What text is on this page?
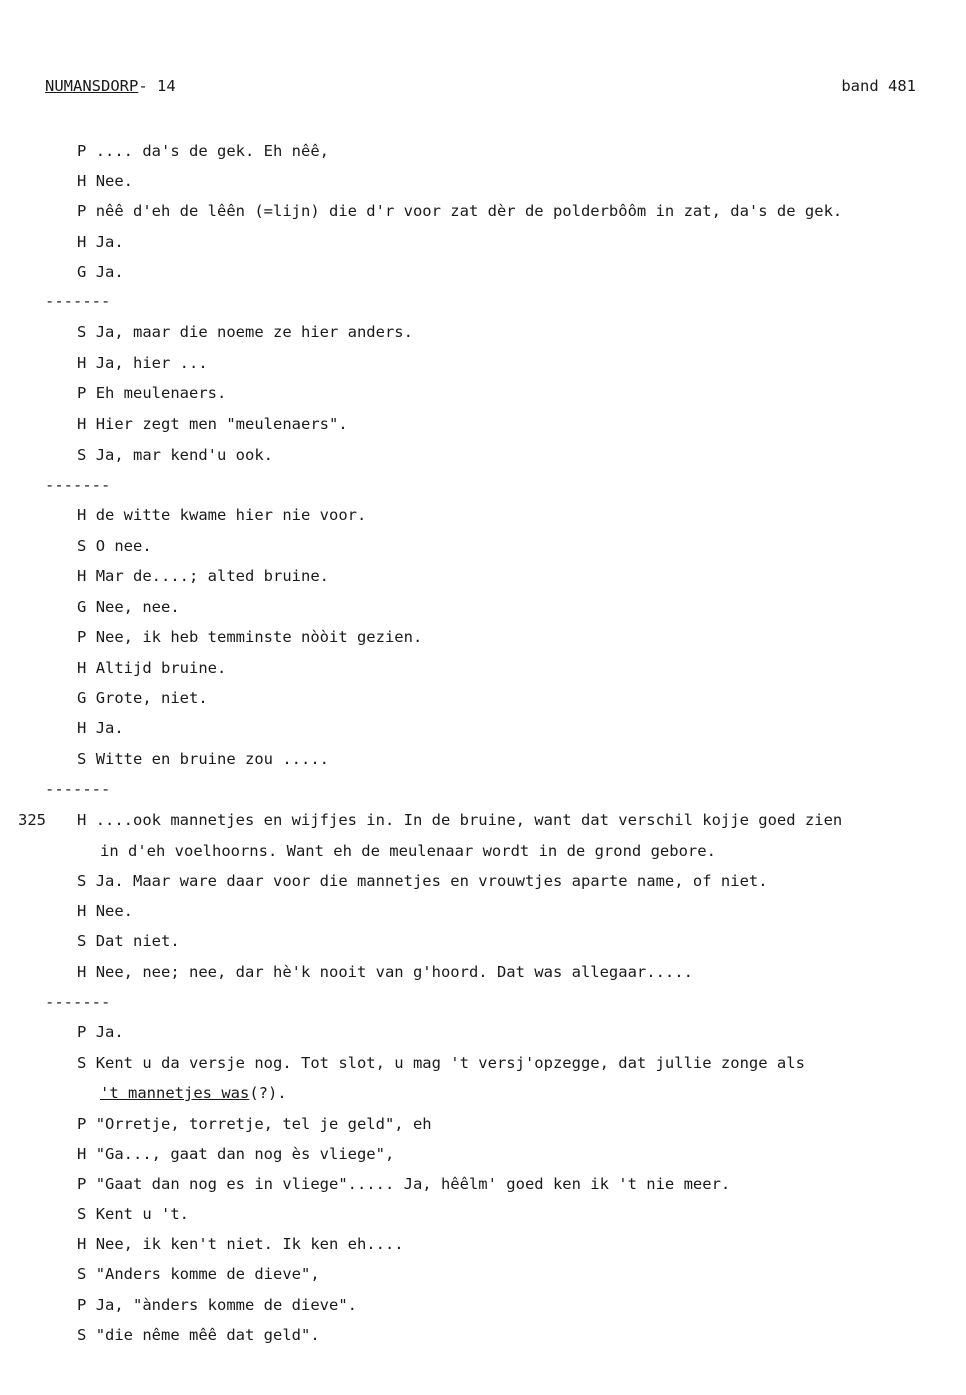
NUMANSDORP- 14	band 481
P .... da's de gek. Eh nêê,
H Nee.
P nêê d'eh de lêên (=lijn) die d'r voor zat dèr de polderbôôm in zat, da's de gek.
H Ja.
G Ja.
-------
S Ja, maar die noeme ze hier anders.
H Ja, hier ...
P Eh meulenaers.
H Hier zegt men "meulenaers".
S Ja, mar kend'u ook.
-------
H de witte kwame hier nie voor.
S O nee.
H Mar de....; alted bruine.
G Nee, nee.
P Nee, ik heb temminste nòòit gezien.
H Altijd bruine.
G Grote, niet.
H Ja.
S Witte en bruine zou .....
-------
325 H ....ook mannetjes en wijfjes in. In de bruine, want dat verschil kojje goed zien
in d'eh voelhoorns. Want eh de meulenaar wordt in de grond gebore.
S Ja. Maar ware daar voor die mannetjes en vrouwtjes aparte name, of niet.
H Nee.
S Dat niet.
H Nee, nee; nee, dar hè'k nooit van g'hoord. Dat was allegaar.....
-------
P Ja.
S Kent u da versje nog. Tot slot, u mag 't versj'opzegge, dat jullie zonge als
't mannetjes was(?).
P "Orretje, torretje, tel je geld", eh
H "Ga..., gaat dan nog ès vliege",
P "Gaat dan nog es in vliege"..... Ja, hêêlm' goed ken ik 't nie meer.
S Kent u 't.
H Nee, ik ken't niet. Ik ken eh....
S "Anders komme de dieve",
P Ja, "ànders komme de dieve".
S "die nême mêê dat geld".
